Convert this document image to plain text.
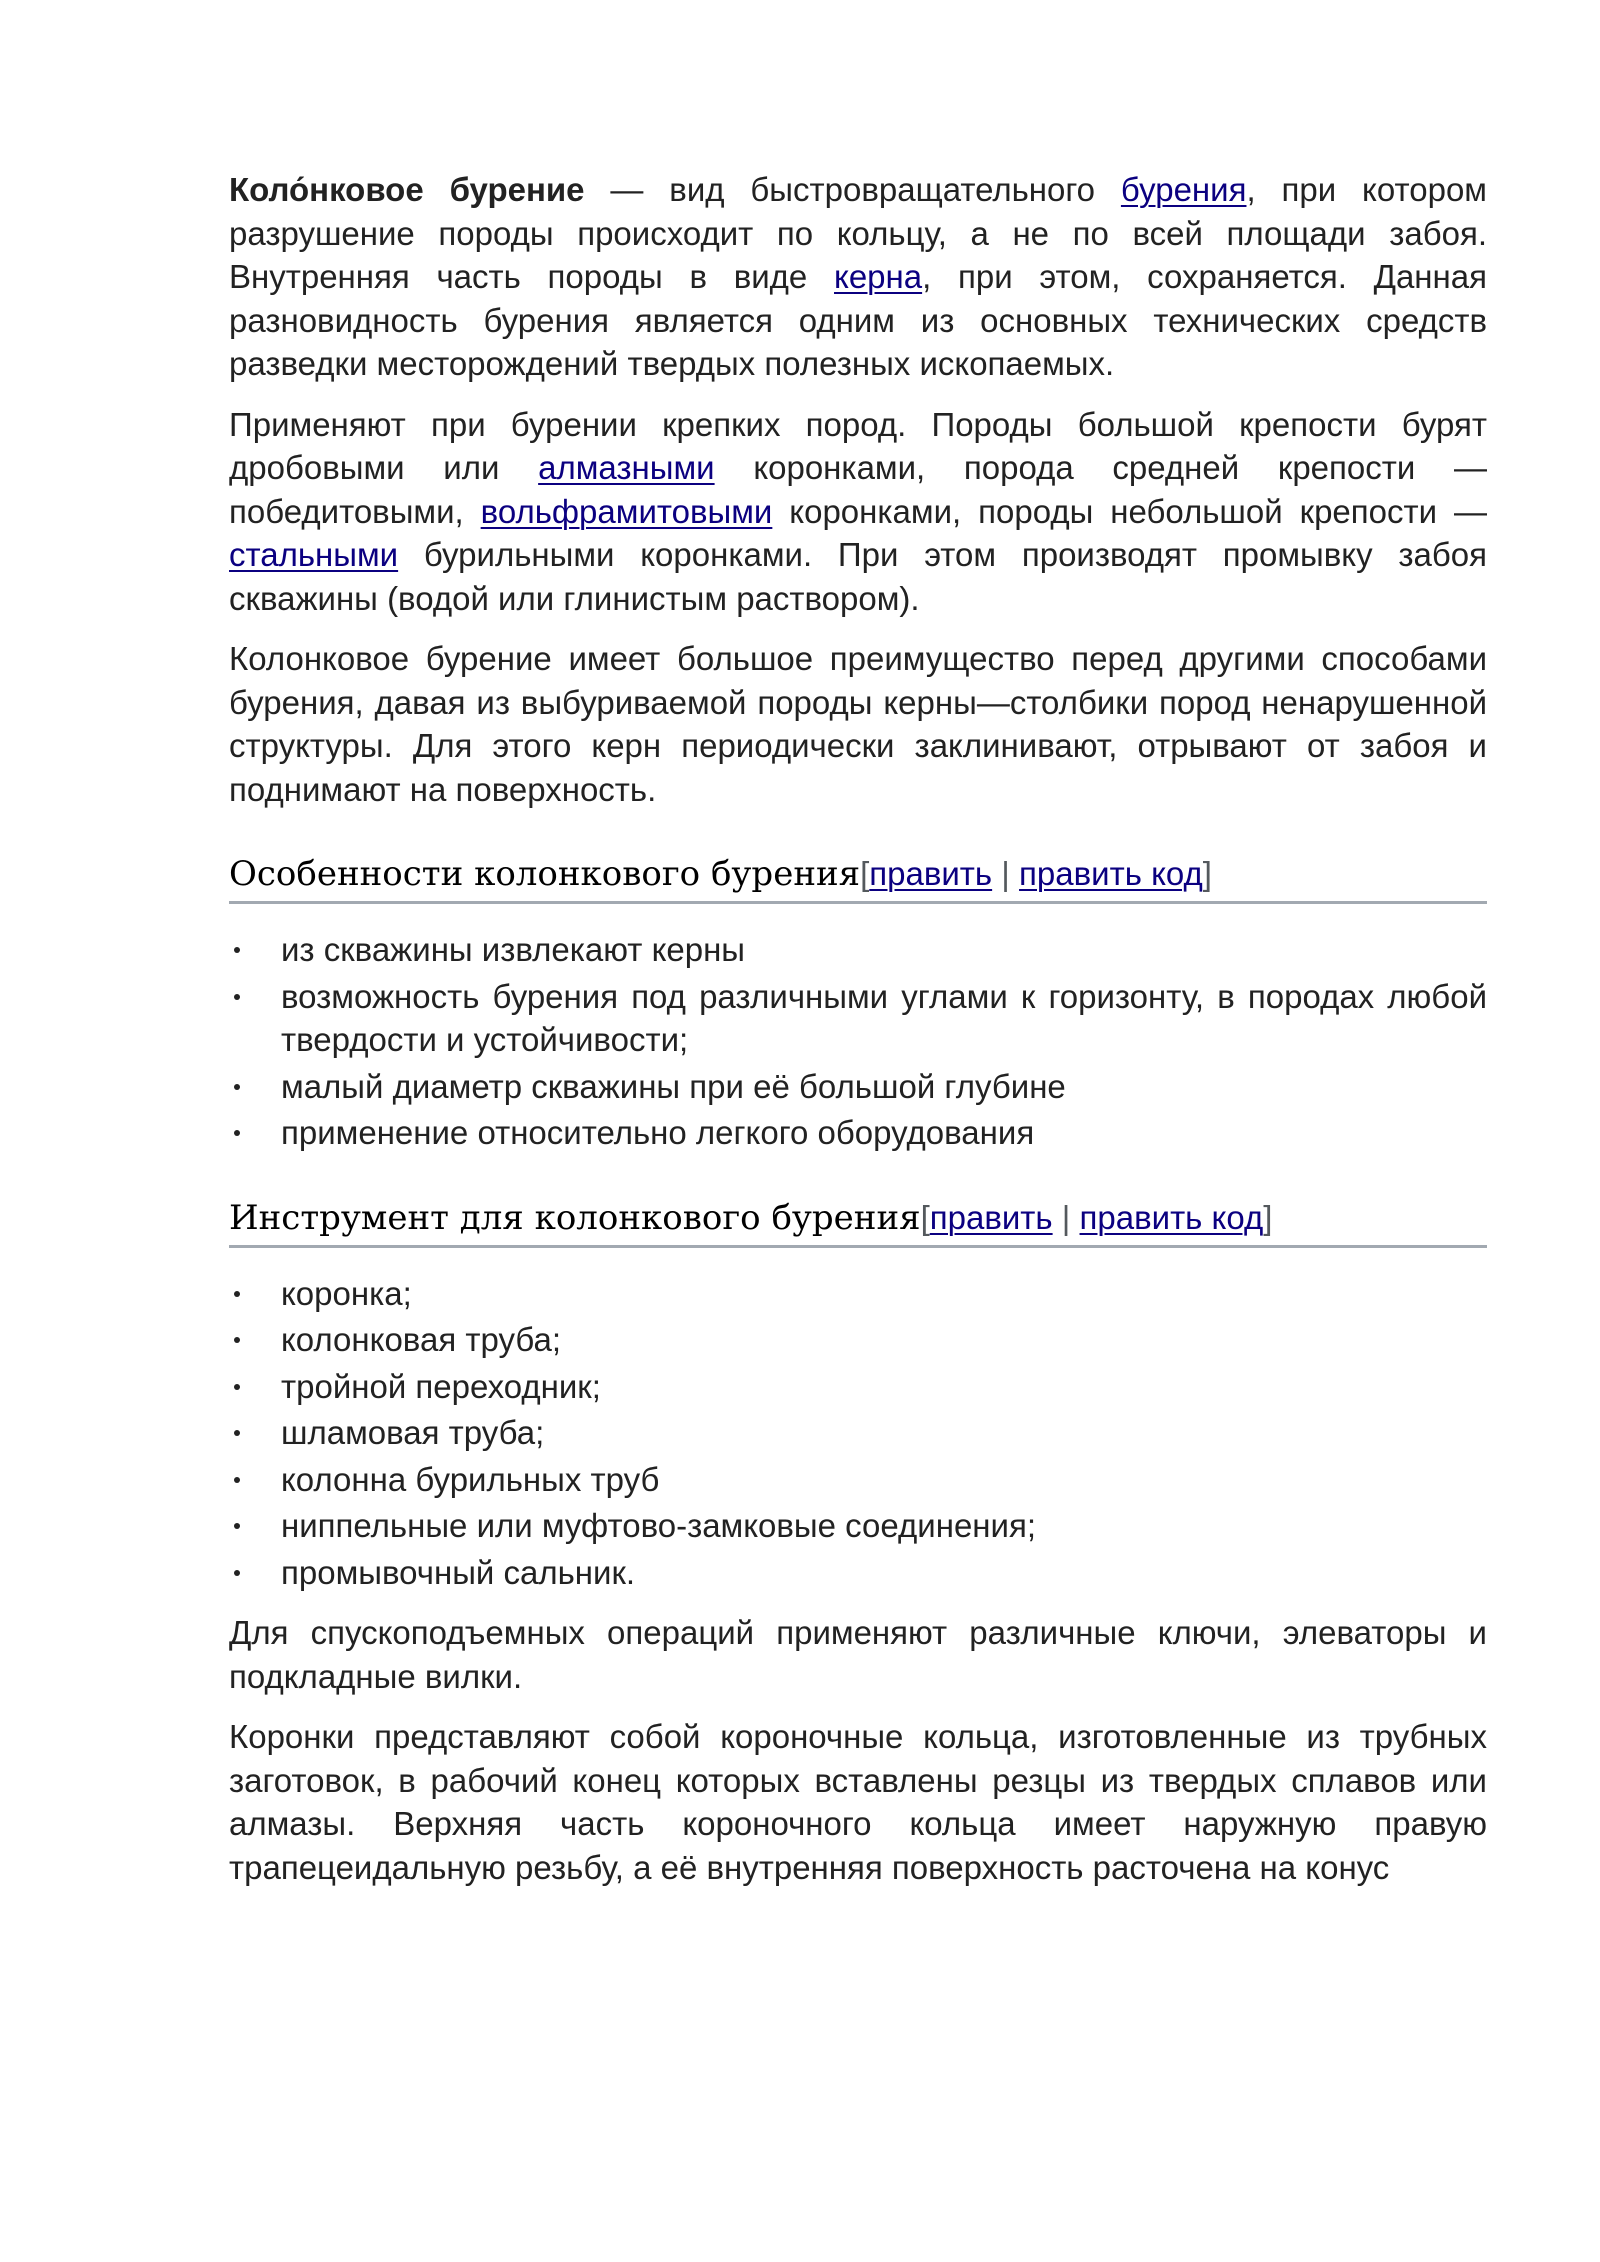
Коло́нковое бурение — вид быстровращательного бурения, при котором разрушение породы происходит по кольцу, а не по всей площади забоя. Внутренняя часть породы в виде керна, при этом, сохраняется. Данная разновидность бурения является одним из основных технических средств разведки месторождений твердых полезных ископаемых.

Применяют при бурении крепких пород. Породы большой крепости бурят дробовыми или алмазными коронками, порода средней крепости — победитовыми, вольфрамитовыми коронками, породы небольшой крепости — стальными бурильными коронками. При этом производят промывку забоя скважины (водой или глинистым раствором).

Колонковое бурение имеет большое преимущество перед другими способами бурения, давая из выбуриваемой породы керны—столбики пород ненарушенной структуры. Для этого керн периодически заклинивают, отрывают от забоя и поднимают на поверхность.

Особенности колонкового бурения[править | править код]
из скважины извлекают керны
возможность бурения под различными углами к горизонту, в породах любой твердости и устойчивости;
малый диаметр скважины при её большой глубине
применение относительно легкого оборудования
Инструмент для колонкового бурения[править | править код]
коронка;
колонковая труба;
тройной переходник;
шламовая труба;
колонна бурильных труб
ниппельные или муфтово-замковые соединения;
промывочный сальник.

Для спускоподъемных операций применяют различные ключи, элеваторы и подкладные вилки.

Коронки представляют собой короночные кольца, изготовленные из трубных заготовок, в рабочий конец которых вставлены резцы из твердых сплавов или алмазы. Верхняя часть короночного кольца имеет наружную правую трапецеидальную резьбу, а её внутренняя поверхность расточена на конус
